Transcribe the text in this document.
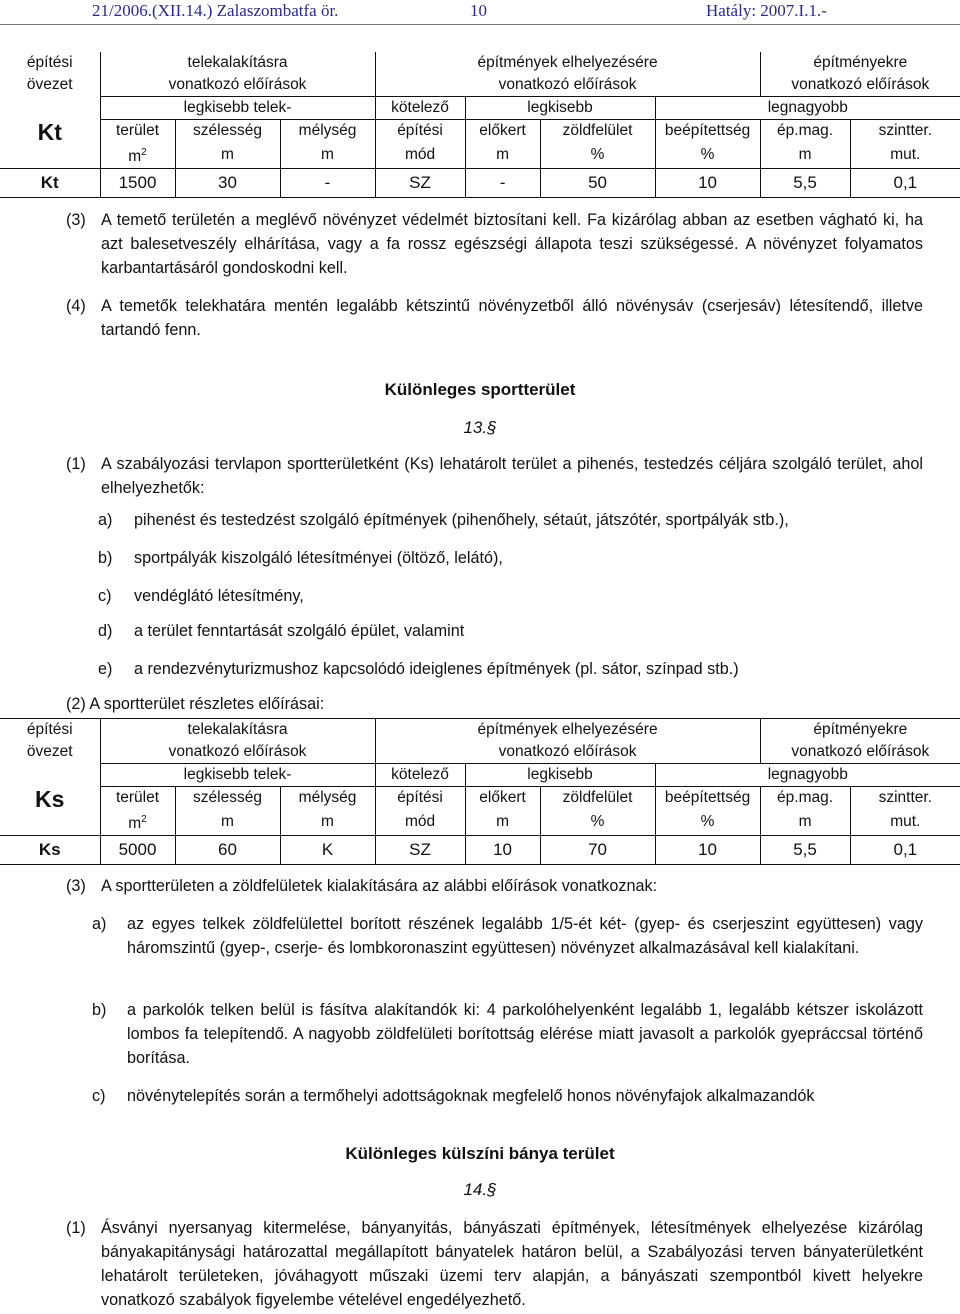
21/2006.(XII.14.) Zalaszombatfa ör.	10	Hatály: 2007.I.1.-
építési	telekalakításra			építmények elhelyezésére				építményekre	
övezet	vonatkozó előírások			vonatkozó előírások				vonatkozó előírások	
Kt	legkisebb telek-			kötelező	legkisebb		legnagyobb		
	terület	szélesség	mélység	építési	előkert	zöldfelület	beépítettség	ép.mag.	szintter.
	$m^2$	m	m	mód	m	%	%	m	mut.
Kt	1500	30	-	SZ	-	50	10	5,5	0,1
(3) A temető területén a meglévő növényzet védelmét biztosítani kell. Fa kizárólag abban az esetben vágható ki, ha azt balesetveszély elhárítása, vagy a fa rossz egészségi állapota teszi szükségessé. A növényzet folyamatos karbantartásáról gondoskodni kell.
(4) A temetők telekhatára mentén legalább kétszintű növényzetből álló növénysáv (cserjesáv) létesítendő, illetve tartandó fenn.
Különleges sportterület
13.§
(1) A szabályozási tervlapon sportterületként (Ks) lehatárolt terület a pihenés, testedzés céljára szolgáló terület, ahol elhelyezhetők:
a) pihenést és testedzést szolgáló építmények (pihenőhely, sétaút, játszótér, sportpályák stb.),
b) sportpályák kiszolgáló létesítményei (öltöző, lelátó),
c) vendéglátó létesítmény,
d) a terület fenntartását szolgáló épület, valamint
e) a rendezvényturizmushoz kapcsolódó ideiglenes építmények (pl. sátor, színpad stb.)
(2) A sportterület részletes előírásai:
építési	telekalakításra			építmények elhelyezésére				építményekre	
övezet	vonatkozó előírások			vonatkozó előírások				vonatkozó előírások	
Ks	legkisebb telek-			kötelező	legkisebb		legnagyobb		
	terület	szélesség	mélység	építési	előkert	zöldfelület	beépítettség	ép.mag.	szintter.
	$m^2$	m	m	mód	m	%	%	m	mut.
Ks	5000	60	K	SZ	10	70	10	5,5	0,1
(3) A sportterületen a zöldfelületek kialakítására az alábbi előírások vonatkoznak:
a) az egyes telkek zöldfelülettel borított részének legalább 1/5-ét két- (gyep- és cserjeszint együttesen) vagy háromszintű (gyep-, cserje- és lombkoronaszint együttesen) növényzet alkalmazásával kell kialakítani.
b) a parkolók telken belül is fásítva alakítandók ki: 4 parkolóhelyenként legalább 1, legalább kétszer iskolázott lombos fa telepítendő. A nagyobb zöldfelületi borítottság elérése miatt javasolt a parkolók gyepráccsal történő borítása.
c) növénytelepítés során a termőhelyi adottságoknak megfelelő honos növényfajok alkalmazandók
Különleges külszíni bánya terület
14.§
(1) Ásványi nyersanyag kitermelése, bányanyitás, bányászati építmények, létesítmények elhelyezése kizárólag bányakapitánysági határozattal megállapított bányatelek határon belül, a Szabályozási terven bányaterületként lehatárolt területeken, jóváhagyott műszaki üzemi terv alapján, a bányászati szempontból kivett helyekre vonatkozó szabályok figyelembe vételével engedélyezhető.
